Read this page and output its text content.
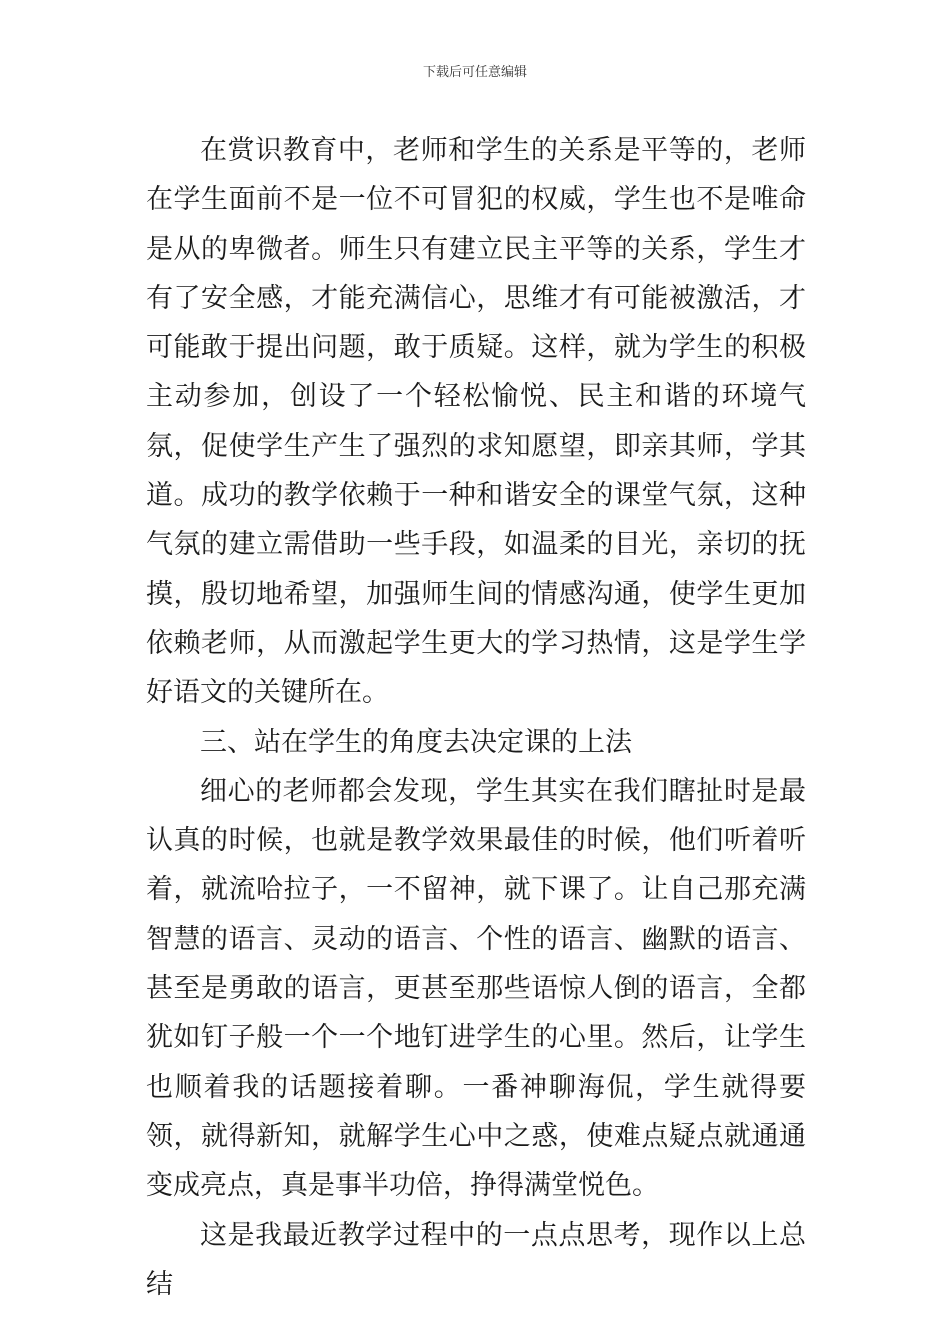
下载后可任意编辑

在赏识教育中，老师和学生的关系是平等的，老师在学生面前不是一位不可冒犯的权威，学生也不是唯命是从的卑微者。师生只有建立民主平等的关系，学生才有了安全感，才能充满信心，思维才有可能被激活，才可能敢于提出问题，敢于质疑。这样，就为学生的积极主动参加，创设了一个轻松愉悦、民主和谐的环境气氛，促使学生产生了强烈的求知愿望，即亲其师，学其道。成功的教学依赖于一种和谐安全的课堂气氛，这种气氛的建立需借助一些手段，如温柔的目光，亲切的抚摸，殷切地希望，加强师生间的情感沟通，使学生更加依赖老师，从而激起学生更大的学习热情，这是学生学好语文的关键所在。

三、站在学生的角度去决定课的上法

细心的老师都会发现，学生其实在我们瞎扯时是最认真的时候，也就是教学效果最佳的时候，他们听着听着，就流哈拉子，一不留神，就下课了。让自己那充满智慧的语言、灵动的语言、个性的语言、幽默的语言、甚至是勇敢的语言，更甚至那些语惊人倒的语言，全都犹如钉子般一个一个地钉进学生的心里。然后，让学生也顺着我的话题接着聊。一番神聊海侃，学生就得要领，就得新知，就解学生心中之惑，使难点疑点就通通变成亮点，真是事半功倍，挣得满堂悦色。

这是我最近教学过程中的一点点思考，现作以上总结
